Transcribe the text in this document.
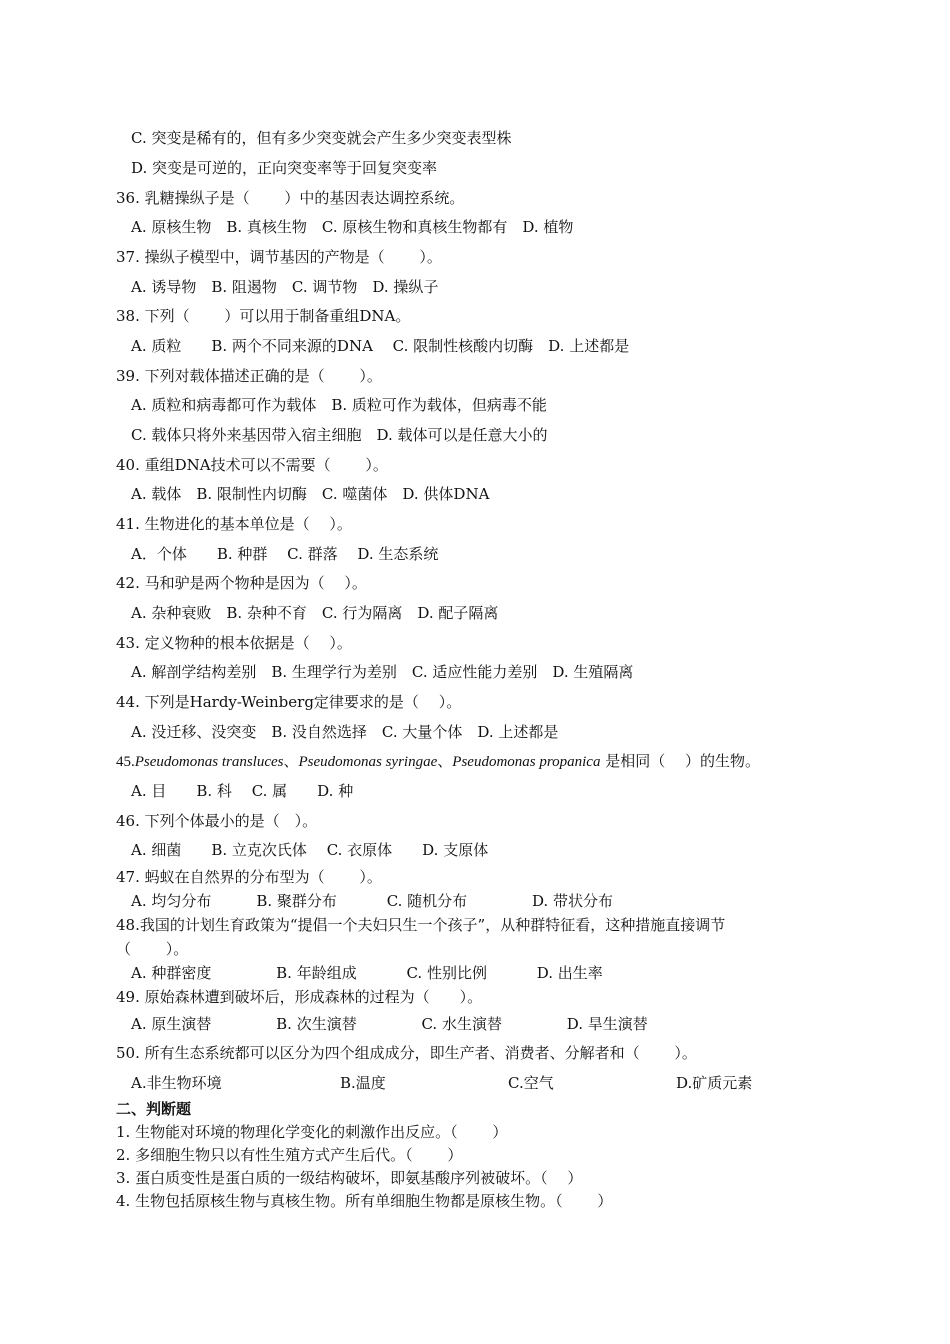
C. 突变是稀有的，但有多少突变就会产生多少突变表型株
D. 突变是可逆的，正向突变率等于回复突变率
36. 乳糖操纵子是（　　 ）中的基因表达调控系统。
A. 原核生物　B. 真核生物　C. 原核生物和真核生物都有　D. 植物
37. 操纵子模型中，调节基因的产物是（　　 ）。
A. 诱导物　B. 阻遏物　C. 调节物　D. 操纵子
38. 下列（　　 ）可以用于制备重组DNA。
A. 质粒　　B. 两个不同来源的DNA　 C. 限制性核酸内切酶　D. 上述都是
39. 下列对载体描述正确的是（　　 ）。
A. 质粒和病毒都可作为载体　B. 质粒可作为载体，但病毒不能
C. 载体只将外来基因带入宿主细胞　D. 载体可以是任意大小的
40. 重组DNA技术可以不需要（　　 ）。
A. 载体　B. 限制性内切酶　C. 噬菌体　D. 供体DNA
41. 生物进化的基本单位是（　 ）。
A．个体　　B. 种群　 C. 群落　 D. 生态系统
42. 马和驴是两个物种是因为（　 ）。
A. 杂种衰败　B. 杂种不育　C. 行为隔离　D. 配子隔离
43. 定义物种的根本依据是（　 ）。
A. 解剖学结构差别　B. 生理学行为差别　C. 适应性能力差别　D. 生殖隔离
44. 下列是Hardy-Weinberg定律要求的是（　 ）。
A. 没迁移、没突变　B. 没自然选择　C. 大量个体　D. 上述都是
45.Pseudomonas transluces、Pseudomonas syringae、Pseudomonas propanica 是相同（　 ）的生物。
A. 目　　B. 科　 C. 属　　D. 种
46. 下列个体最小的是（　）。
A. 细菌　　B. 立克次氏体　 C. 衣原体　　D. 支原体
47. 蚂蚁在自然界的分布型为（　　 ）。
A. 均匀分布　　　B. 聚群分布　　　 C. 随机分布　　　　 D. 带状分布
48.我国的计划生育政策为“提倡一个夫妇只生一个孩子”，从种群特征看，这种措施直接调节
（　　 ）。
A. 种群密度　　　　 B. 年龄组成　　　 C. 性别比例　　　 D. 出生率
49. 原始森林遭到破坏后，形成森林的过程为（　　）。
A. 原生演替　　　　 B. 次生演替　　　　 C. 水生演替　　　　 D. 旱生演替
50. 所有生态系统都可以区分为四个组成成分，即生产者、消费者、分解者和（　　 ）。
A.非生物环境	B.温度	C.空气	D.矿质元素
二、判断题
1. 生物能对环境的物理化学变化的刺激作出反应。（　　 ）
2. 多细胞生物只以有性生殖方式产生后代。（　　 ）
3. 蛋白质变性是蛋白质的一级结构破坏，即氨基酸序列被破坏。（　 ）
4. 生物包括原核生物与真核生物。所有单细胞生物都是原核生物。（　　 ）
